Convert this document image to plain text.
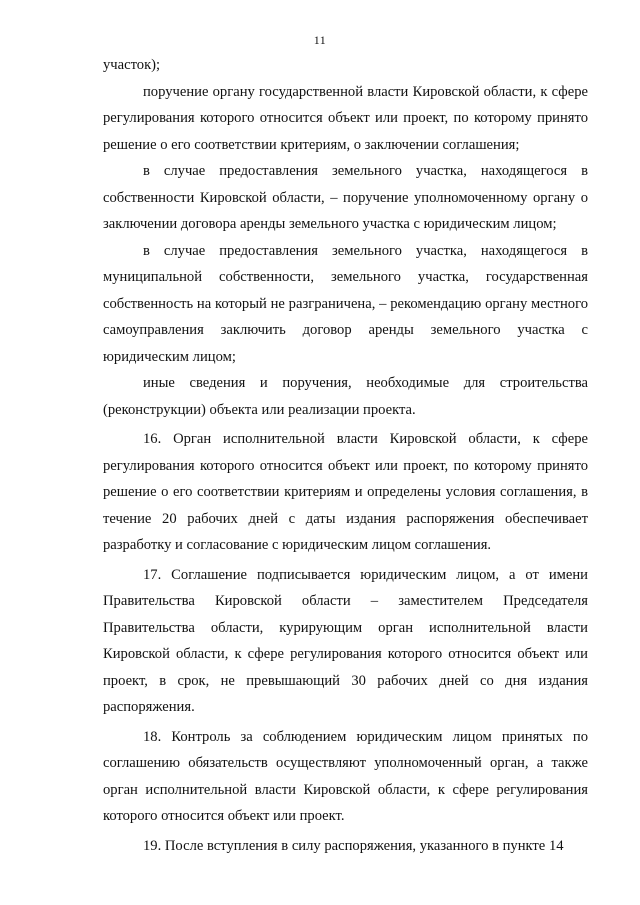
11

участок);

поручение органу государственной власти Кировской области, к сфере регулирования которого относится объект или проект, по которому принято решение о его соответствии критериям, о заключении соглашения;

в случае предоставления земельного участка, находящегося в собственности Кировской области, – поручение уполномоченному органу о заключении договора аренды земельного участка с юридическим лицом;

в случае предоставления земельного участка, находящегося в муниципальной собственности, земельного участка, государственная собственность на который не разграничена, – рекомендацию органу местного самоуправления заключить договор аренды земельного участка с юридическим лицом;

иные сведения и поручения, необходимые для строительства (реконструкции) объекта или реализации проекта.

16. Орган исполнительной власти Кировской области, к сфере регулирования которого относится объект или проект, по которому принято решение о его соответствии критериям и определены условия соглашения, в течение 20 рабочих дней с даты издания распоряжения обеспечивает разработку и согласование с юридическим лицом соглашения.

17. Соглашение подписывается юридическим лицом, а от имени Правительства Кировской области – заместителем Председателя Правительства области, курирующим орган исполнительной власти Кировской области, к сфере регулирования которого относится объект или проект, в срок, не превышающий 30 рабочих дней со дня издания распоряжения.

18. Контроль за соблюдением юридическим лицом принятых по соглашению обязательств осуществляют уполномоченный орган, а также орган исполнительной власти Кировской области, к сфере регулирования которого относится объект или проект.

19. После вступления в силу распоряжения, указанного в пункте 14
